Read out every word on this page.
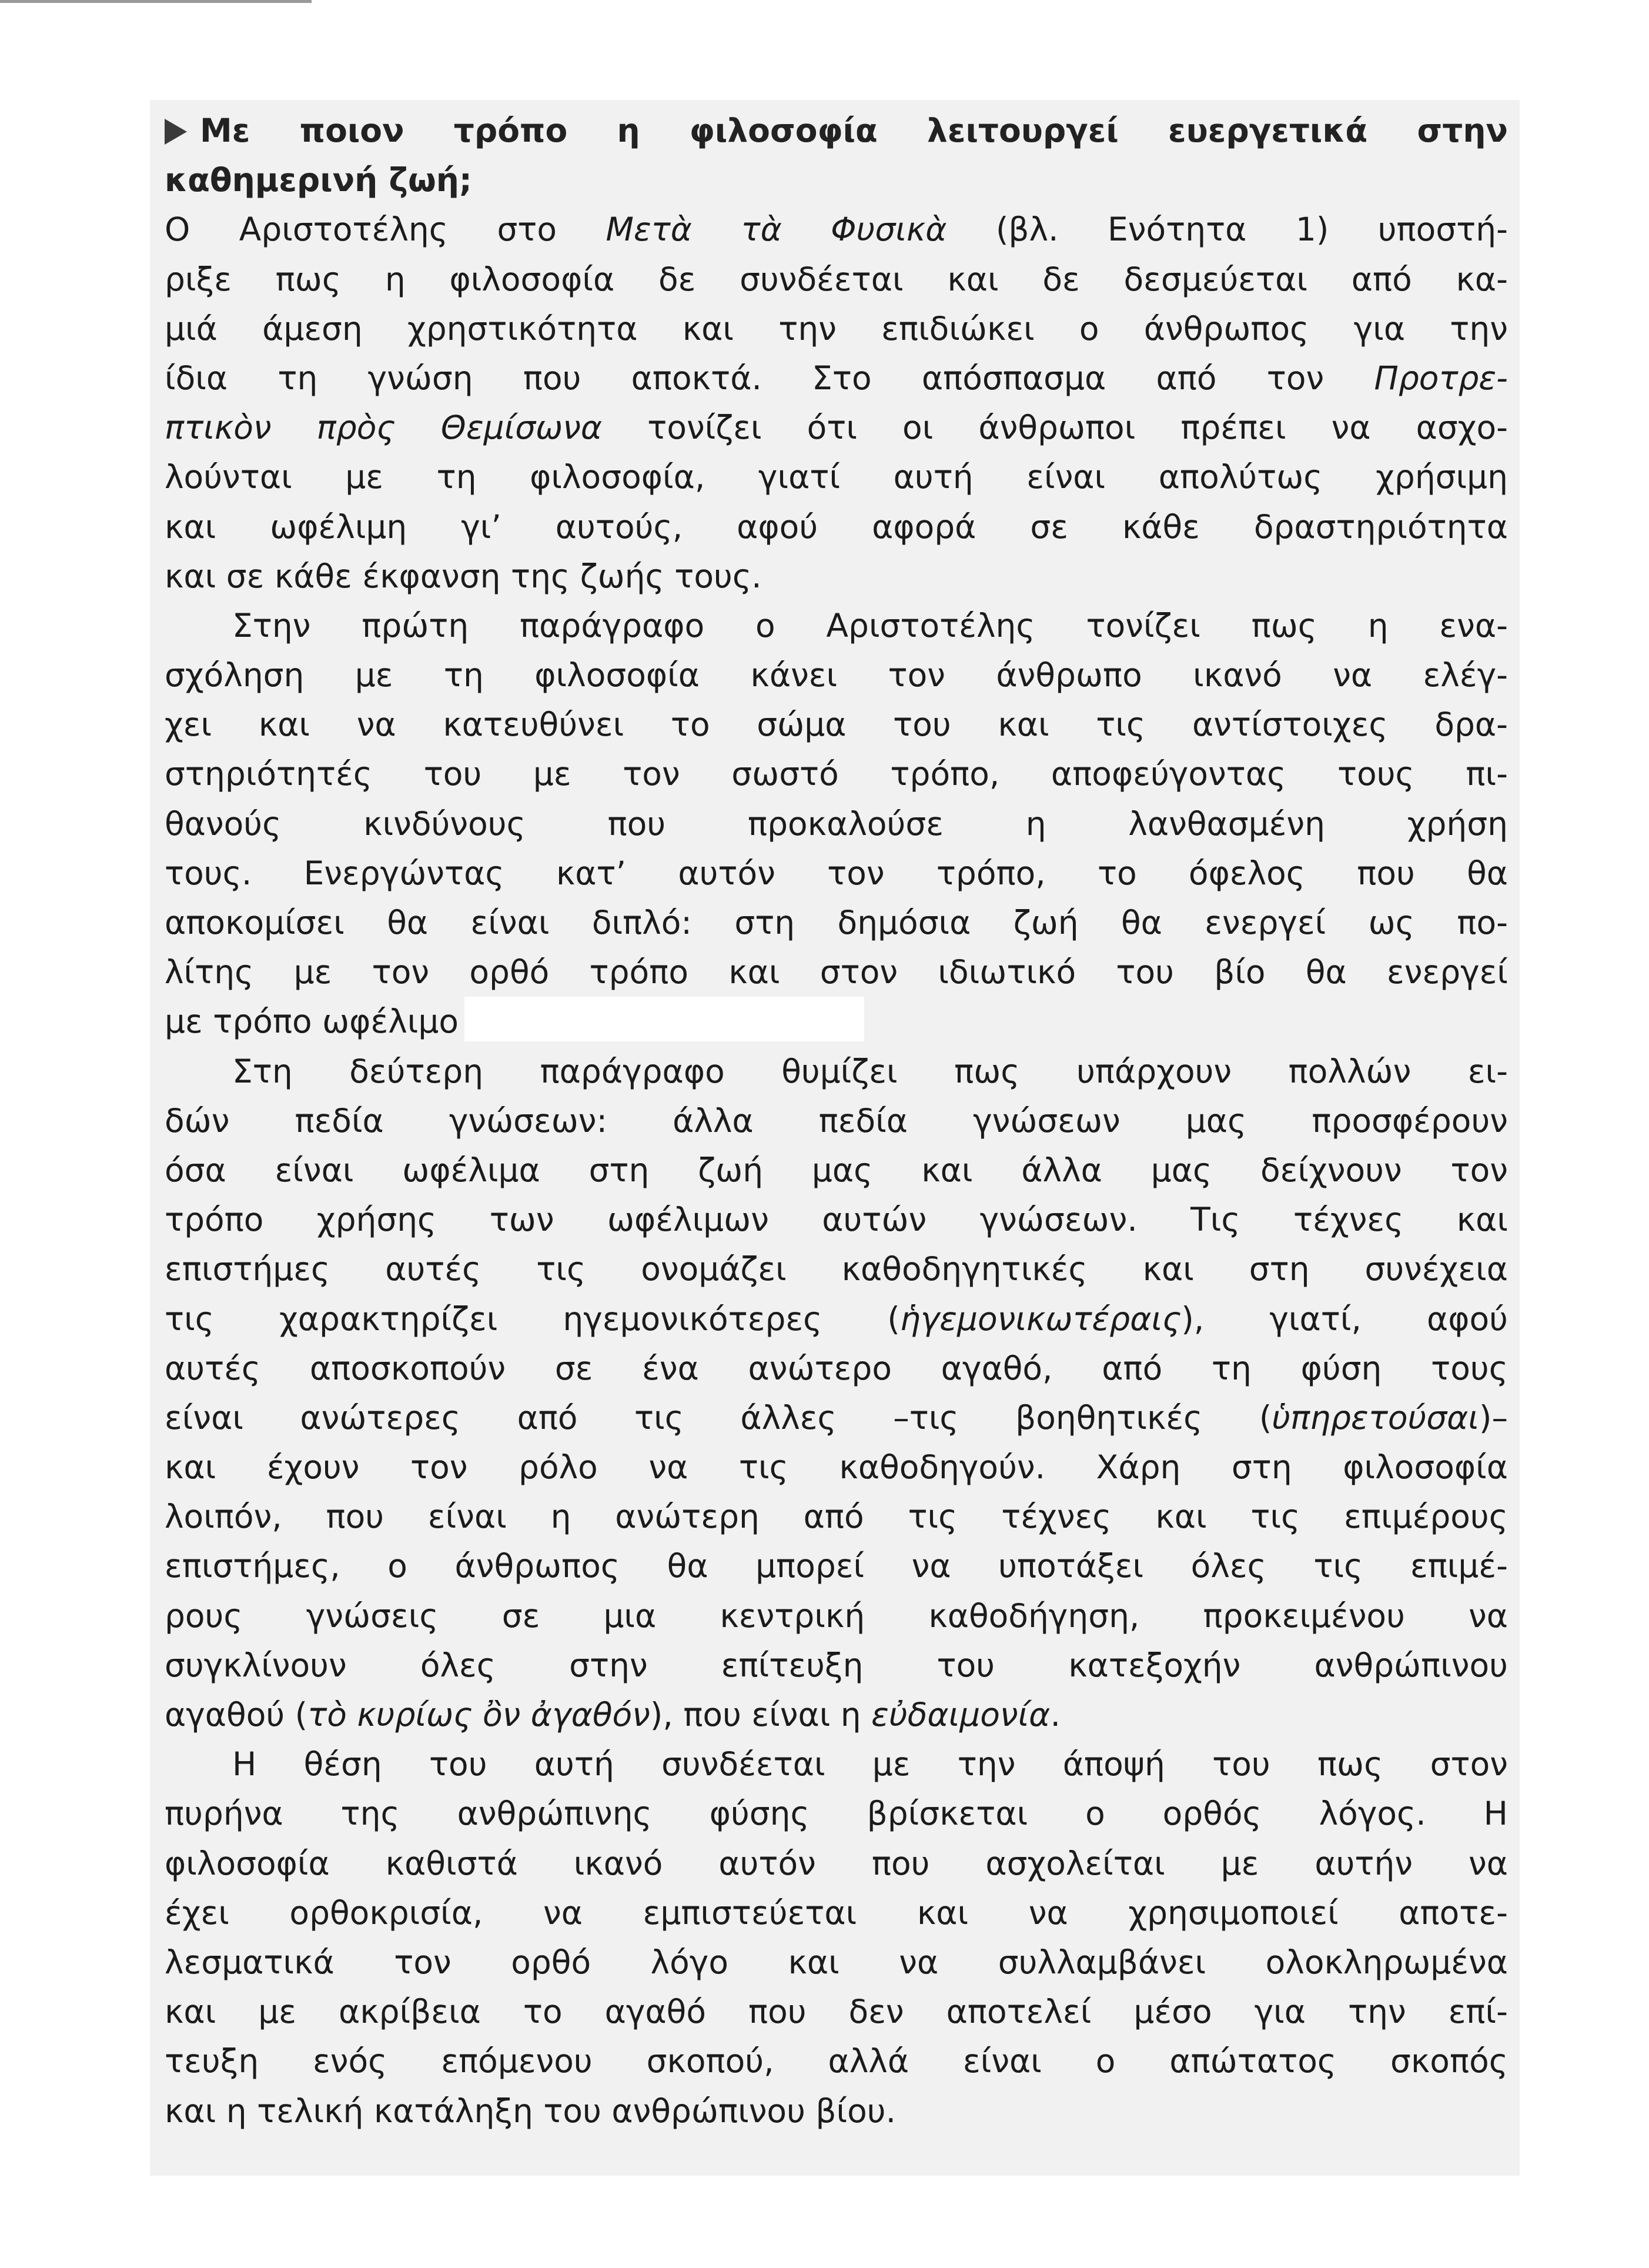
Με ποιον τρόπο η φιλοσοφία λειτουργεί ευεργετικά στην
καθημερινή ζωή;
Ο Αριστοτέλης στο Μετὰ τὰ Φυσικὰ (βλ. Ενότητα 1) υποστή-
ριξε πως η φιλοσοφία δε συνδέεται και δε δεσμεύεται από κα-
μιά άμεση χρηστικότητα και την επιδιώκει ο άνθρωπος για την
ίδια τη γνώση που αποκτά. Στο απόσπασμα από τον Προτρε-
πτικὸν πρὸς Θεμίσωνα τονίζει ότι οι άνθρωποι πρέπει να ασχο-
λούνται με τη φιλοσοφία, γιατί αυτή είναι απολύτως χρήσιμη
και ωφέλιμη γι’ αυτούς, αφού αφορά σε κάθε δραστηριότητα
και σε κάθε έκφανση της ζωής τους.
Στην πρώτη παράγραφο ο Αριστοτέλης τονίζει πως η ενα-
σχόληση με τη φιλοσοφία κάνει τον άνθρωπο ικανό να ελέγ-
χει και να κατευθύνει το σώμα του και τις αντίστοιχες δρα-
στηριότητές του με τον σωστό τρόπο, αποφεύγοντας τους πι-
θανούς κινδύνους που προκαλούσε η λανθασμένη χρήση
τους. Ενεργώντας κατ’ αυτόν τον τρόπο, το όφελος που θα
αποκομίσει θα είναι διπλό: στη δημόσια ζωή θα ενεργεί ως πο-
λίτης με τον ορθό τρόπο και στον ιδιωτικό του βίο θα ενεργεί
με τρόπο ωφέλιμο
Στη δεύτερη παράγραφο θυμίζει πως υπάρχουν πολλών ει-
δών πεδία γνώσεων: άλλα πεδία γνώσεων μας προσφέρουν
όσα είναι ωφέλιμα στη ζωή μας και άλλα μας δείχνουν τον
τρόπο χρήσης των ωφέλιμων αυτών γνώσεων. Τις τέχνες και
επιστήμες αυτές τις ονομάζει καθοδηγητικές και στη συνέχεια
τις χαρακτηρίζει ηγεμονικότερες (ἡγεμονικωτέραις), γιατί, αφού
αυτές αποσκοπούν σε ένα ανώτερο αγαθό, από τη φύση τους
είναι ανώτερες από τις άλλες –τις βοηθητικές (ὑπηρετούσαι)–
και έχουν τον ρόλο να τις καθοδηγούν. Χάρη στη φιλοσοφία
λοιπόν, που είναι η ανώτερη από τις τέχνες και τις επιμέρους
επιστήμες, ο άνθρωπος θα μπορεί να υποτάξει όλες τις επιμέ-
ρους γνώσεις σε μια κεντρική καθοδήγηση, προκειμένου να
συγκλίνουν όλες στην επίτευξη του κατεξοχήν ανθρώπινου
αγαθού (τὸ κυρίως ὂν ἀγαθόν), που είναι η εὐδαιμονία.
Η θέση του αυτή συνδέεται με την άποψή του πως στον
πυρήνα της ανθρώπινης φύσης βρίσκεται ο ορθός λόγος. Η
φιλοσοφία καθιστά ικανό αυτόν που ασχολείται με αυτήν να
έχει ορθοκρισία, να εμπιστεύεται και να χρησιμοποιεί αποτε-
λεσματικά τον ορθό λόγο και να συλλαμβάνει ολοκληρωμένα
και με ακρίβεια το αγαθό που δεν αποτελεί μέσο για την επί-
τευξη ενός επόμενου σκοπού, αλλά είναι ο απώτατος σκοπός
και η τελική κατάληξη του ανθρώπινου βίου.
